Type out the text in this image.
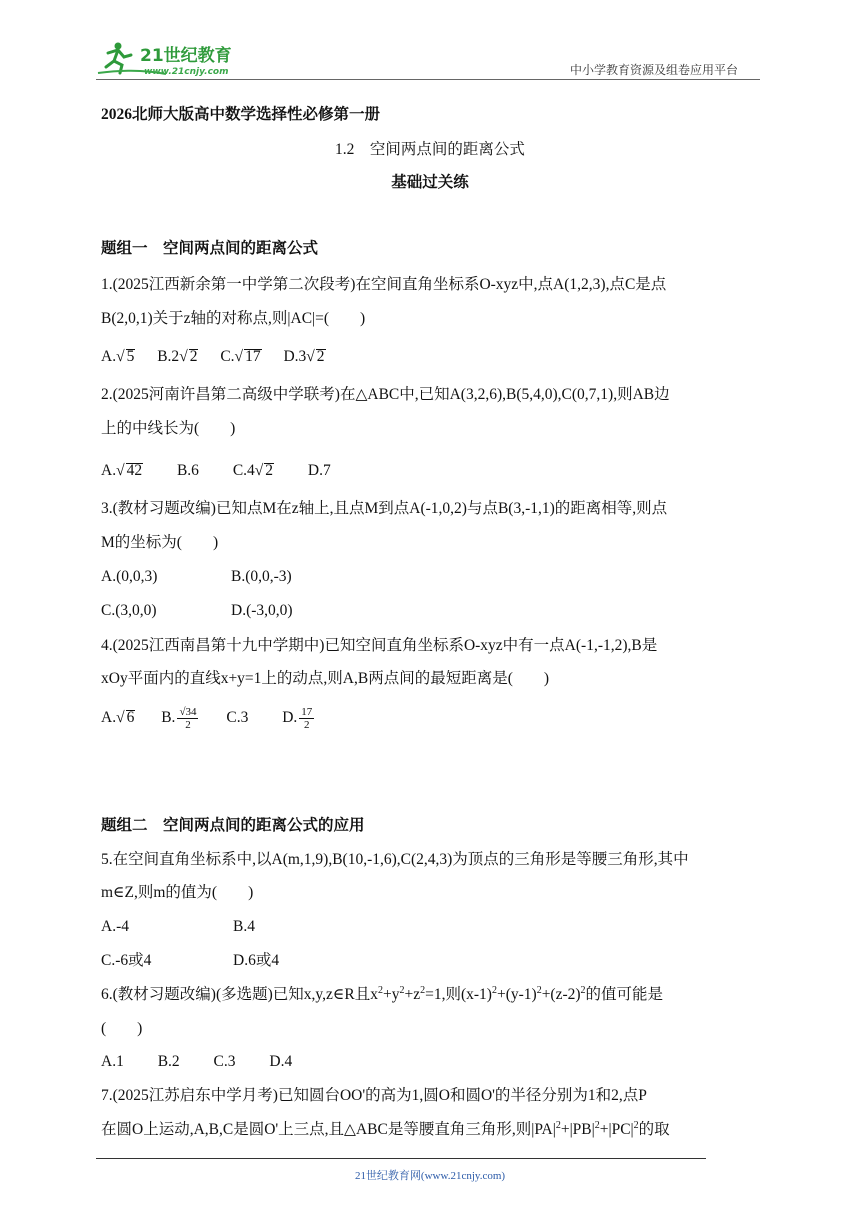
21世纪教育
www.21cnjy.com	中小学教育资源及组卷应用平台
2026北师大版高中数学选择性必修第一册
1.2　空间两点间的距离公式
基础过关练
题组一　空间两点间的距离公式
1.(2025江西新余第一中学第二次段考)在空间直角坐标系O-xyz中,点A(1,2,3),点C是点
B(2,0,1)关于z轴的对称点,则|AC|=(　　)
A.√ 5 B.2√ 2 C.√ 17 D.3√ 2
2.(2025河南许昌第二高级中学联考)在△ABC中,已知A(3,2,6),B(5,4,0),C(0,7,1),则AB边
上的中线长为(　　)
A.√ 42 B.6 C.4√ 2 D.7
3.(教材习题改编)已知点M在z轴上,且点M到点A(-1,0,2)与点B(3,-1,1)的距离相等,则点
M的坐标为(　　)
A.(0,0,3)	B.(0,0,-3)
C.(3,0,0)	D.(-3,0,0)
4.(2025江西南昌第十九中学期中)已知空间直角坐标系O-xyz中有一点A(-1,-1,2),B是
xOy平面内的直线x+y=1上的动点,则A,B两点间的最短距离是(　　)
A.√ 6 B. $\frac{√34}{2} C.3$ D. $\frac{17}{2}$
题组二　空间两点间的距离公式的应用
5.在空间直角坐标系中,以A(m,1,9),B(10,-1,6),C(2,4,3)为顶点的三角形是等腰三角形,其中
m∈Z,则m的值为(　　)
A.-4	B.4
C.-6或4	D.6或4
6.(教材习题改编)(多选题)已知x,y,z∈R且$x^2+y^2+z^2=1$,则$(x-1)^2+(y-1)^2+(z-2)^2$的值可能是
(　　)
A.1 B.2 C.3 D.4
7.(2025江苏启东中学月考)已知圆台OO'的高为1,圆O和圆O'的半径分别为1和2,点P
在圆O上运动,A,B,C是圆O'上三点,且△ABC是等腰直角三角形,则$|PA|^2+|PB|^2+|PC|^2$的取
21世纪教育网(www.21cnjy.com)
